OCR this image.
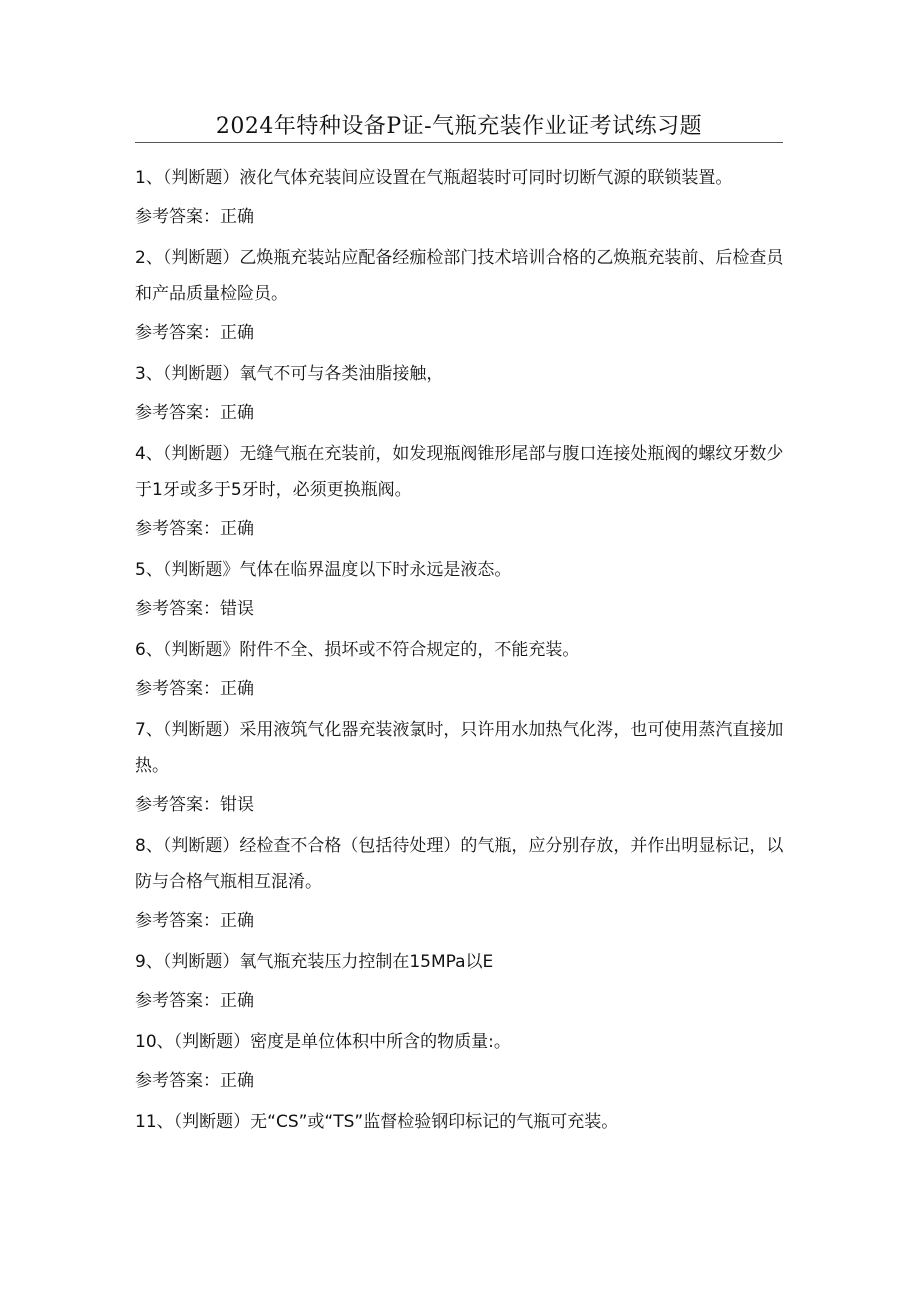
2024年特种设备P证-气瓶充装作业证考试练习题

1、（判断题）液化气体充装间应设置在气瓶超装时可同时切断气源的联锁装置。

参考答案：正确

2、（判断题）乙焕瓶充装站应配备经痂检部门技术培训合格的乙焕瓶充装前、后检查员和产品质量检险员。

参考答案：正确

3、（判断题）氧气不可与各类油脂接触，

参考答案：正确

4、（判断题）无缝气瓶在充装前，如发现瓶阀锥形尾部与腹口连接处瓶阀的螺纹牙数少于1牙或多于5牙时，必须更换瓶阀。

参考答案：正确

5、（判断题》气体在临界温度以下时永远是液态。

参考答案：错误

6、（判断题》附件不全、损坏或不符合规定的，不能充装。

参考答案：正确

7、（判断题）采用液筑气化器充装液氯时，只许用水加热气化涔，也可使用蒸汽直接加热。

参考答案：钳误

8、（判断题）经检查不合格（包括待处理）的气瓶，应分别存放，并作出明显标记，以防与合格气瓶相互混淆。

参考答案：正确

9、（判断题）氧气瓶充装压力控制在15MPa以E

参考答案：正确

10、（判断题）密度是单位体积中所含的物质量:。

参考答案：正确

11、（判断题）无“CS”或“TS”监督检验钢印标记的气瓶可充装。
